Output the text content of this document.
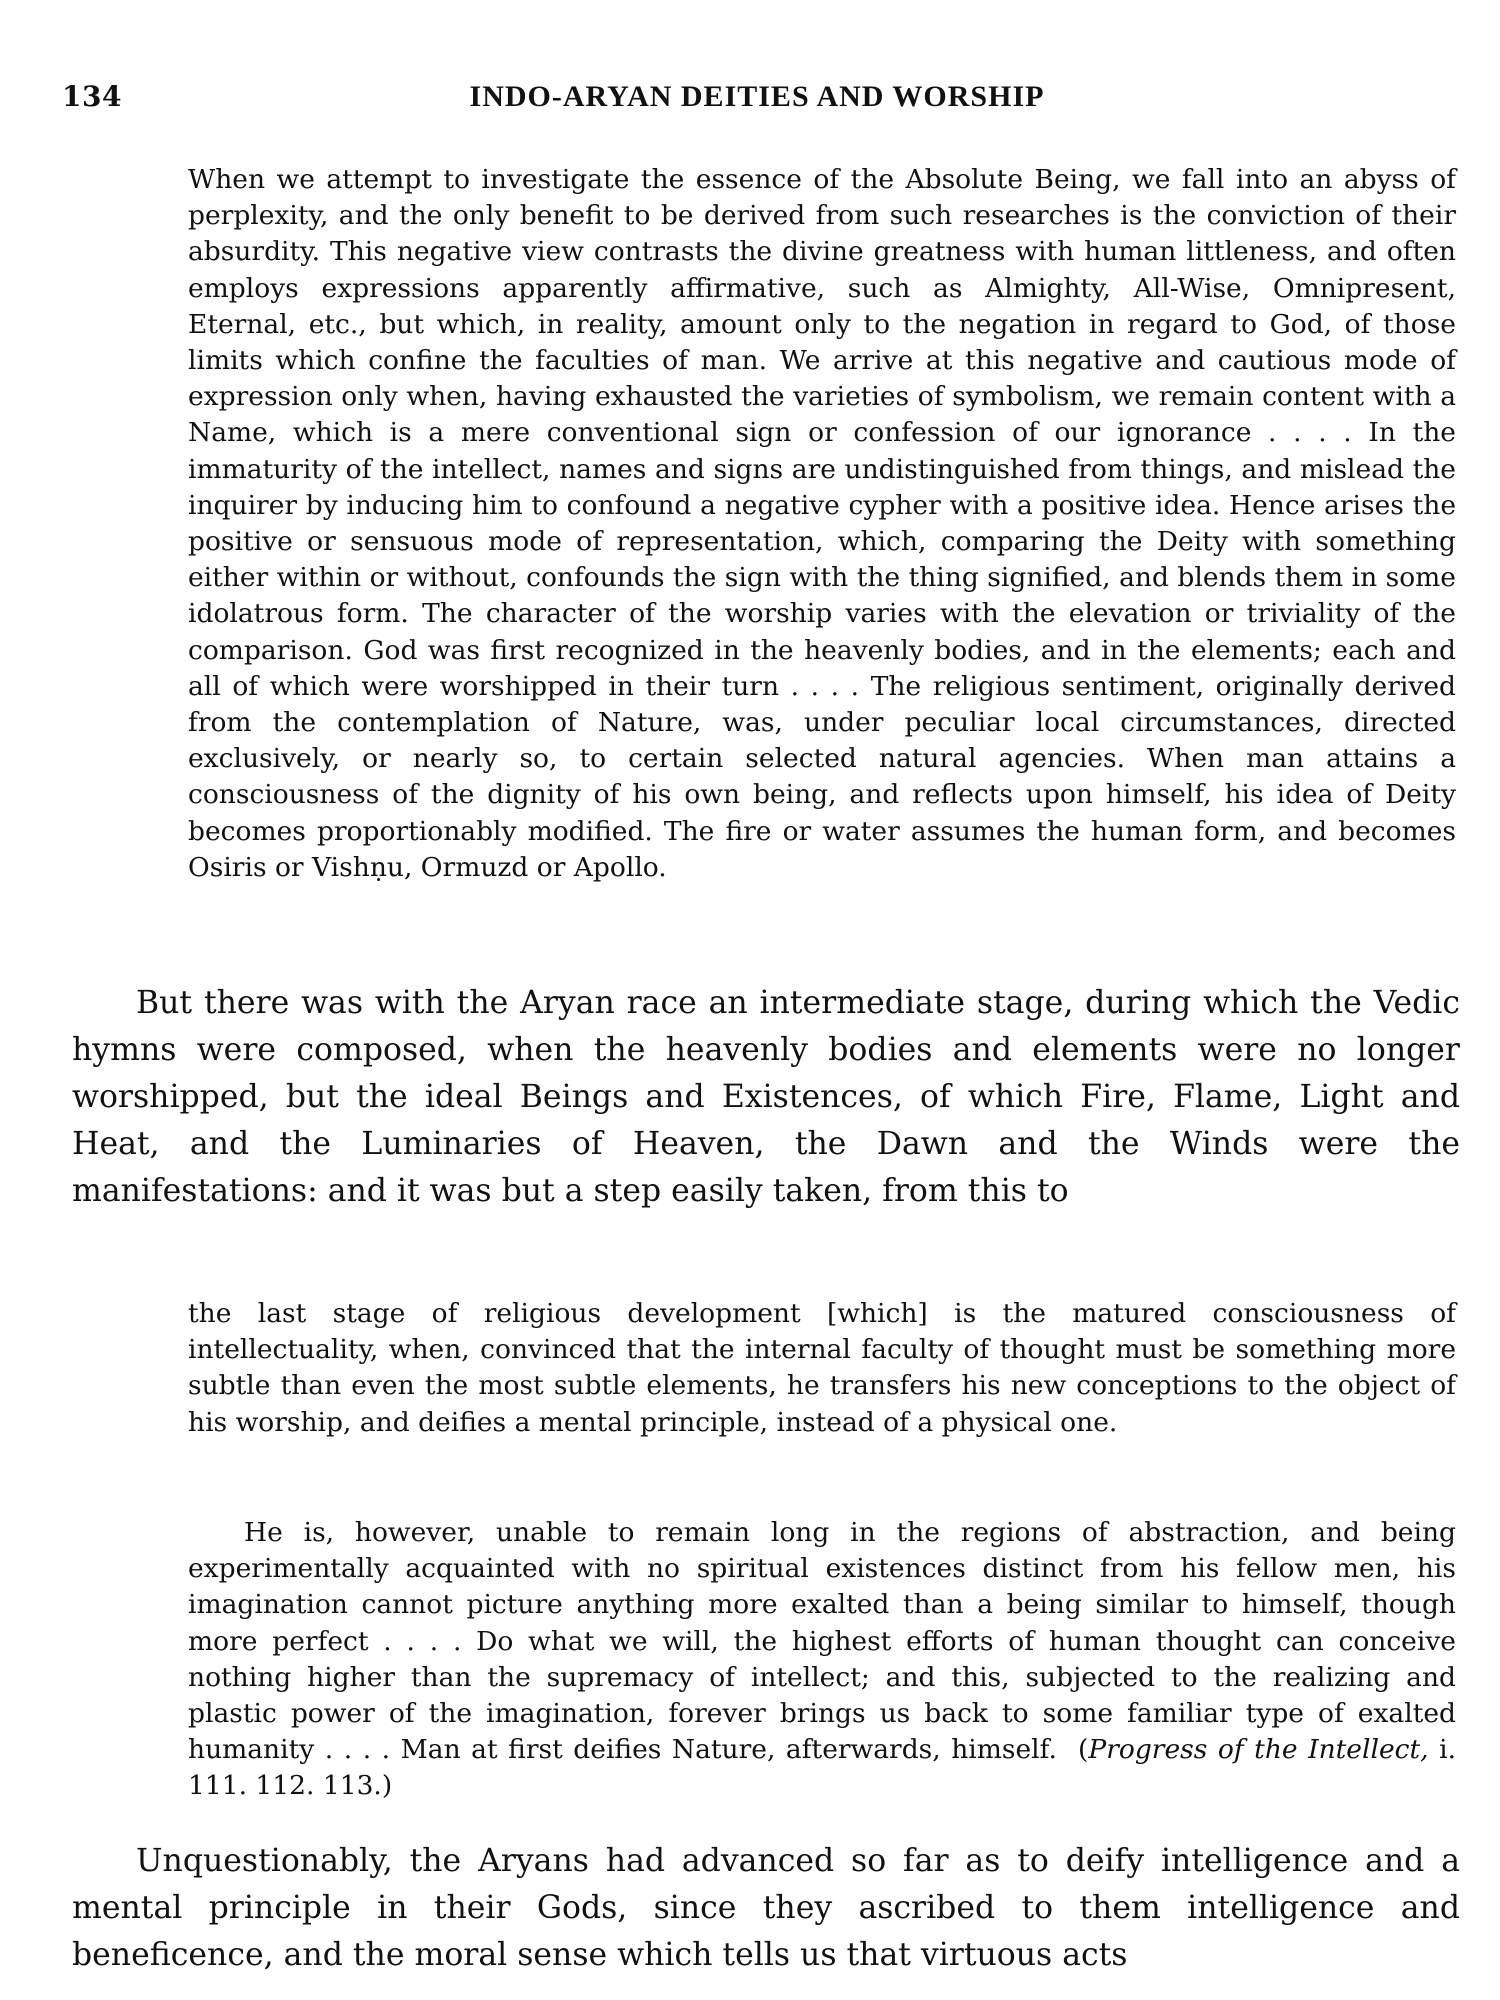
134	INDO-ARYAN DEITIES AND WORSHIP

When we attempt to investigate the essence of the Absolute Being, we fall into an abyss of perplexity, and the only benefit to be derived from such researches is the conviction of their absurdity. This negative view contrasts the divine greatness with human littleness, and often employs expressions apparently affirmative, such as Almighty, All-Wise, Omnipresent, Eternal, etc., but which, in reality, amount only to the negation in regard to God, of those limits which confine the faculties of man. We arrive at this negative and cautious mode of expression only when, having exhausted the varieties of symbolism, we remain content with a Name, which is a mere conventional sign or confession of our ignorance . . . . In the immaturity of the intellect, names and signs are undistinguished from things, and mislead the inquirer by inducing him to confound a negative cypher with a positive idea. Hence arises the positive or sensuous mode of representation, which, comparing the Deity with something either within or without, confounds the sign with the thing signified, and blends them in some idolatrous form. The character of the worship varies with the elevation or triviality of the comparison. God was first recognized in the heavenly bodies, and in the elements; each and all of which were worshipped in their turn . . . . The religious sentiment, originally derived from the contemplation of Nature, was, under peculiar local circumstances, directed exclusively, or nearly so, to certain selected natural agencies. When man attains a consciousness of the dignity of his own being, and reflects upon himself, his idea of Deity becomes proportionably modified. The fire or water assumes the human form, and becomes Osiris or Vishṇu, Ormuzd or Apollo.

But there was with the Aryan race an intermediate stage, during which the Vedic hymns were composed, when the heavenly bodies and elements were no longer worshipped, but the ideal Beings and Existences, of which Fire, Flame, Light and Heat, and the Luminaries of Heaven, the Dawn and the Winds were the manifestations: and it was but a step easily taken, from this to

the last stage of religious development [which] is the matured consciousness of intellectuality, when, convinced that the internal faculty of thought must be something more subtle than even the most subtle elements, he transfers his new conceptions to the object of his worship, and deifies a mental principle, instead of a physical one.

He is, however, unable to remain long in the regions of abstraction, and being experimentally acquainted with no spiritual existences distinct from his fellow men, his imagination cannot picture anything more exalted than a being similar to himself, though more perfect . . . . Do what we will, the highest efforts of human thought can conceive nothing higher than the supremacy of intellect; and this, subjected to the realizing and plastic power of the imagination, forever brings us back to some familiar type of exalted humanity . . . . Man at first deifies Nature, afterwards, himself. (Progress of the Intellect, i. 111. 112. 113.)

Unquestionably, the Aryans had advanced so far as to deify intelligence and a mental principle in their Gods, since they ascribed to them intelligence and beneficence, and the moral sense which tells us that virtuous acts
